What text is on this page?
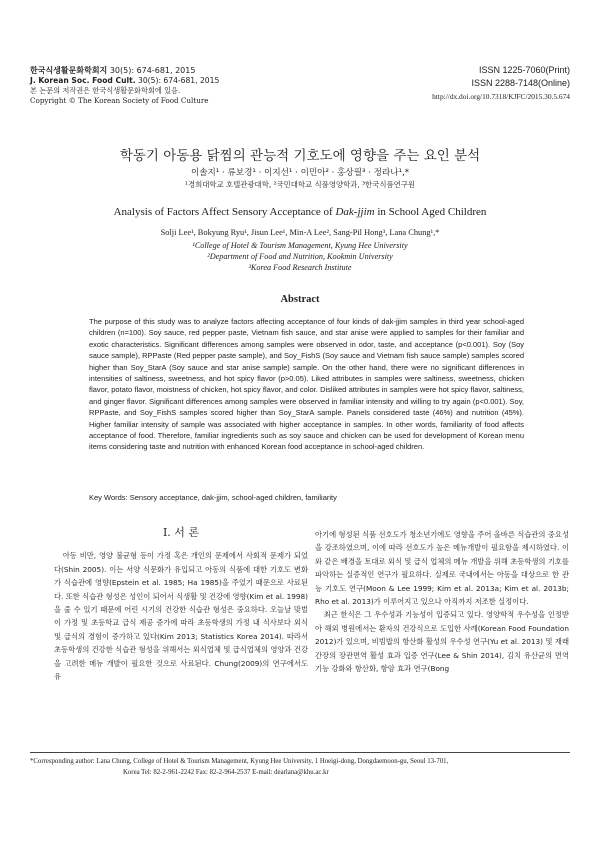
한국식생활문화학회지 30(5): 674-681, 2015
J. Korean Soc. Food Cult. 30(5): 674-681, 2015
본 논문의 저작권은 한국식생활문화학회에 있음.
Copyright © The Korean Society of Food Culture
ISSN 1225-7060(Print)
ISSN 2288-7148(Online)
http://dx.doi.org/10.7318/KJFC/2015.30.5.674
학동기 아동용 닭찜의 관능적 기호도에 영향을 주는 요인 분석
이솔지¹ · 류보경¹ · 이지선¹ · 이민아² · 홍상필³ · 정라나¹,*
¹경희대학교 호텔관광대학, ²국민대학교 식품영양학과, ³한국식품연구원
Analysis of Factors Affect Sensory Acceptance of Dak-jjim in School Aged Children
Solji Lee¹, Bokyung Ryu¹, Jisun Lee¹, Min-A Lee², Sang-Pil Hong³, Lana Chung¹,*
¹College of Hotel & Tourism Management, Kyung Hee University
²Department of Food and Nutrition, Kookmin University
³Korea Food Research Institute
Abstract
The purpose of this study was to analyze factors affecting acceptance of four kinds of dak-jjim samples in third year school-aged children (n=100). Soy sauce, red pepper paste, Vietnam fish sauce, and star anise were applied to samples for their familiar and exotic characteristics. Significant differences among samples were observed in odor, taste, and acceptance (p<0.001). Soy (Soy sauce sample), RPPaste (Red pepper paste sample), and Soy_FishS (Soy sauce and Vietnam fish sauce sample) samples scored higher than Soy_StarA (Soy sauce and star anise sample) sample. On the other hand, there were no significant differences in intensities of saltiness, sweetness, and hot spicy flavor (p>0.05). Liked attributes in samples were saltiness, sweetness, chicken flavor, potato flavor, moistness of chicken, hot spicy flavor, and color. Disliked attributes in samples were hot spicy flavor, saltiness, and ginger flavor. Significant differences among samples were observed in familiar intensity and willing to try again (p<0.001). Soy, RPPaste, and Soy_FishS samples scored higher than Soy_StarA sample. Panels considered taste (46%) and nutrition (45%). Higher familiar intensity of sample was associated with higher acceptance in samples. In other words, familiarity of food affects acceptance of food. Therefore, familiar ingredients such as soy sauce and chicken can be used for development of Korean menu items considering taste and nutrition with enhanced Korean food acceptance in school-aged children.
Key Words: Sensory acceptance, dak-jjim, school-aged children, familiarity
Ⅰ. 서 론

아동 비만, 영양 불균형 등이 가정 혹은 개인의 문제에서 사회적 문제가 되었다(Shin 2005). 이는 서양 식문화가 유입되고 아동의 식품에 대한 기호도 변화가 식습관에 영향(Epstein et al. 1985; Ha 1985)을 주었기 때문으로 사료된다. 또한 식습관 형성은 성인이 되어서 식생활 및 건강에 영향(Kim et al. 1998)을 줄 수 있기 때문에 어린 시기의 건강한 식습관 형성은 중요하다. 오늘날 맞벌이 가정 및 초등학교 급식 제공 증가에 따라 초등학생의 가정 내 식사보다 외식 및 급식의 경험이 증가하고 있다(Kim 2013; Statistics Korea 2014). 따라서 초등학생의 건강한 식습관 형성을 위해서는 외식업체 및 급식업체의 영양과 건강을 고려한 메뉴 개발이 필요한 것으로 사료된다. Chung(2009)의 연구에서도 유

아기에 형성된 식품 선호도가 청소년기에도 영향을 주어 올바른 식습관의 중요성을 강조하였으며, 이에 따라 선호도가 높은 메뉴개발이 필요함을 제시하였다. 이와 같은 배경을 토대로 외식 및 급식 업체의 메뉴 개발을 위해 초등학생의 기호를 파악하는 실증적인 연구가 필요하다. 실제로 국내에서는 아동을 대상으로 한 관능 기호도 연구(Moon & Lee 1999; Kim et al. 2013a; Kim et al. 2013b; Rho et al. 2013)가 이루어지고 있으나 아직까지 저조한 실정이다.

최근 한식은 그 우수성과 기능성이 입증되고 있다. 영양학적 우수성을 인정받아 해외 병원에서는 환자의 건강식으로 도입한 사례(Korean Food Foundation 2012)가 있으며, 비빔밥의 항산화 활성의 우수성 연구(Yu et al. 2013) 및 재래간장의 장관면역 활성 효과 입증 연구(Lee & Shin 2014), 김치 유산균의 면역기능 강화와 항산화, 항암 효과 연구(Bong

*Corresponding author: Lana Chung, College of Hotel & Tourism Management, Kyung Hee University, 1 Hoeigi-dong, Dongdaemoon-gu, Seoul 13-701,
Korea Tel: 82-2-961-2242 Fax: 82-2-964-2537 E-mail: dearlana@khu.ac.kr
